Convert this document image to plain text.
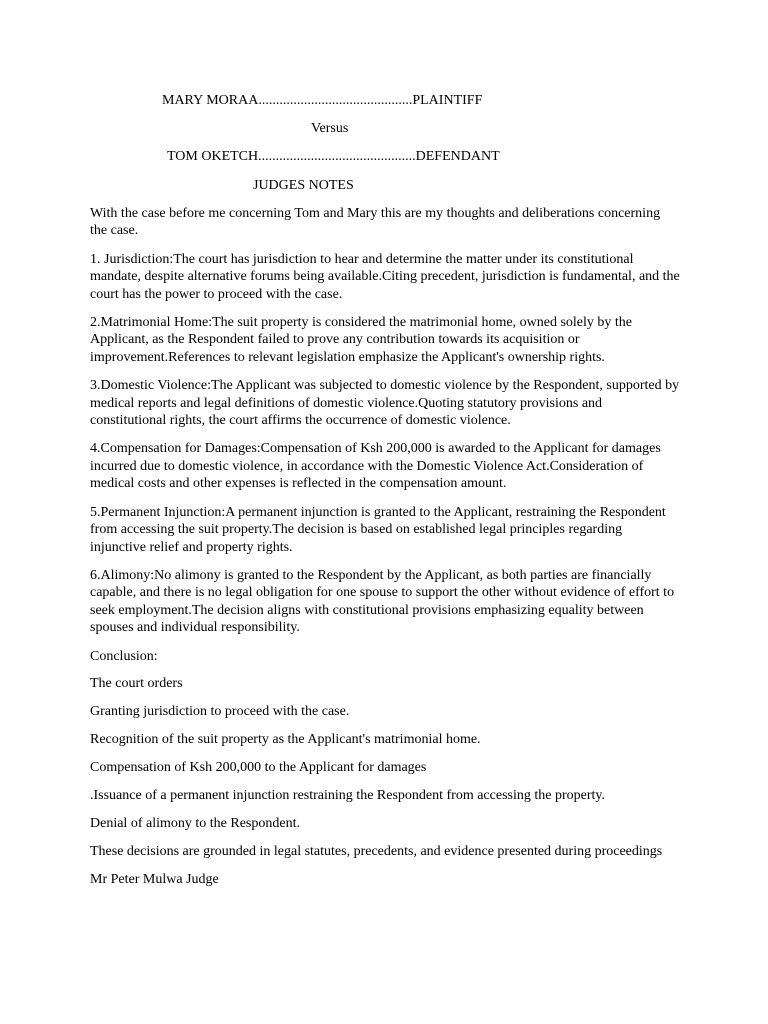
MARY MORAA............................................PLAINTIFF
Versus
TOM OKETCH.............................................DEFENDANT
JUDGES NOTES

With the case before me concerning Tom and Mary this are my thoughts and deliberations concerning the case.

1. Jurisdiction:The court has jurisdiction to hear and determine the matter under its constitutional mandate, despite alternative forums being available.Citing precedent, jurisdiction is fundamental, and the court has the power to proceed with the case.

2.Matrimonial Home:The suit property is considered the matrimonial home, owned solely by the Applicant, as the Respondent failed to prove any contribution towards its acquisition or improvement.References to relevant legislation emphasize the Applicant's ownership rights.

3.Domestic Violence:The Applicant was subjected to domestic violence by the Respondent, supported by medical reports and legal definitions of domestic violence.Quoting statutory provisions and constitutional rights, the court affirms the occurrence of domestic violence.

4.Compensation for Damages:Compensation of Ksh 200,000 is awarded to the Applicant for damages incurred due to domestic violence, in accordance with the Domestic Violence Act.Consideration of medical costs and other expenses is reflected in the compensation amount.

5.Permanent Injunction:A permanent injunction is granted to the Applicant, restraining the Respondent from accessing the suit property.The decision is based on established legal principles regarding injunctive relief and property rights.

6.Alimony:No alimony is granted to the Respondent by the Applicant, as both parties are financially capable, and there is no legal obligation for one spouse to support the other without evidence of effort to seek employment.The decision aligns with constitutional provisions emphasizing equality between spouses and individual responsibility.

Conclusion:

The court orders

Granting jurisdiction to proceed with the case.

Recognition of the suit property as the Applicant's matrimonial home.

Compensation of Ksh 200,000 to the Applicant for damages

.Issuance of a permanent injunction restraining the Respondent from accessing the property.

Denial of alimony to the Respondent.

These decisions are grounded in legal statutes, precedents, and evidence presented during proceedings

Mr Peter Mulwa Judge
